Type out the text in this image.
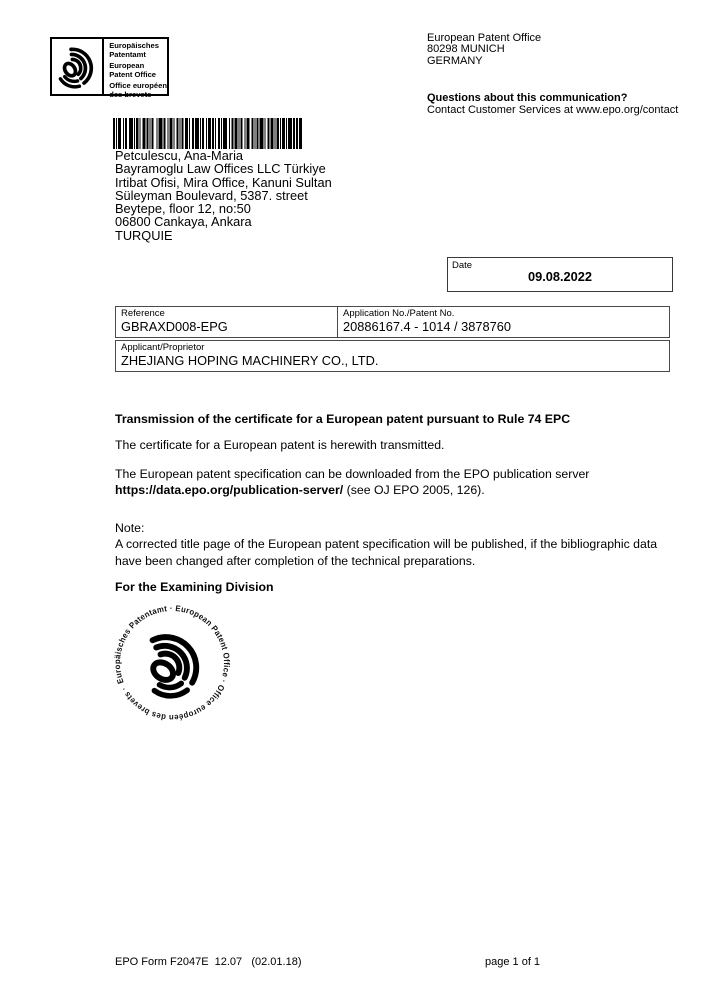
Europäisches
Patentamt
European
Patent Office
Office européen
des brevets
European Patent Office
80298 MUNICH
GERMANY
Questions about this communication?
Contact Customer Services at www.epo.org/contact
Petculescu, Ana-Maria
Bayramoglu Law Offices LLC Türkiye
Irtibat Ofisi, Mira Office, Kanuni Sultan
Süleyman Boulevard, 5387. street
Beytepe, floor 12, no:50
06800 Cankaya, Ankara
TURQUIE
Date
09.08.2022
Reference
GBRAXD008-EPG
Application No./Patent No.
20886167.4 - 1014 / 3878760
Applicant/Proprietor
ZHEJIANG HOPING MACHINERY CO., LTD.
Transmission of the certificate for a European patent pursuant to Rule 74 EPC
The certificate for a European patent is herewith transmitted.
The European patent specification can be downloaded from the EPO publication server
https://data.epo.org/publication-server/ (see OJ EPO 2005, 126).
Note:
A corrected title page of the European patent specification will be published, if the bibliographic data
have been changed after completion of the technical preparations.
For the Examining Division
Europäisches Patentamt · European Patent Office · Office européen des brevets ·
EPO Form F2047E  12.07   (02.01.18)	page 1 of 1
